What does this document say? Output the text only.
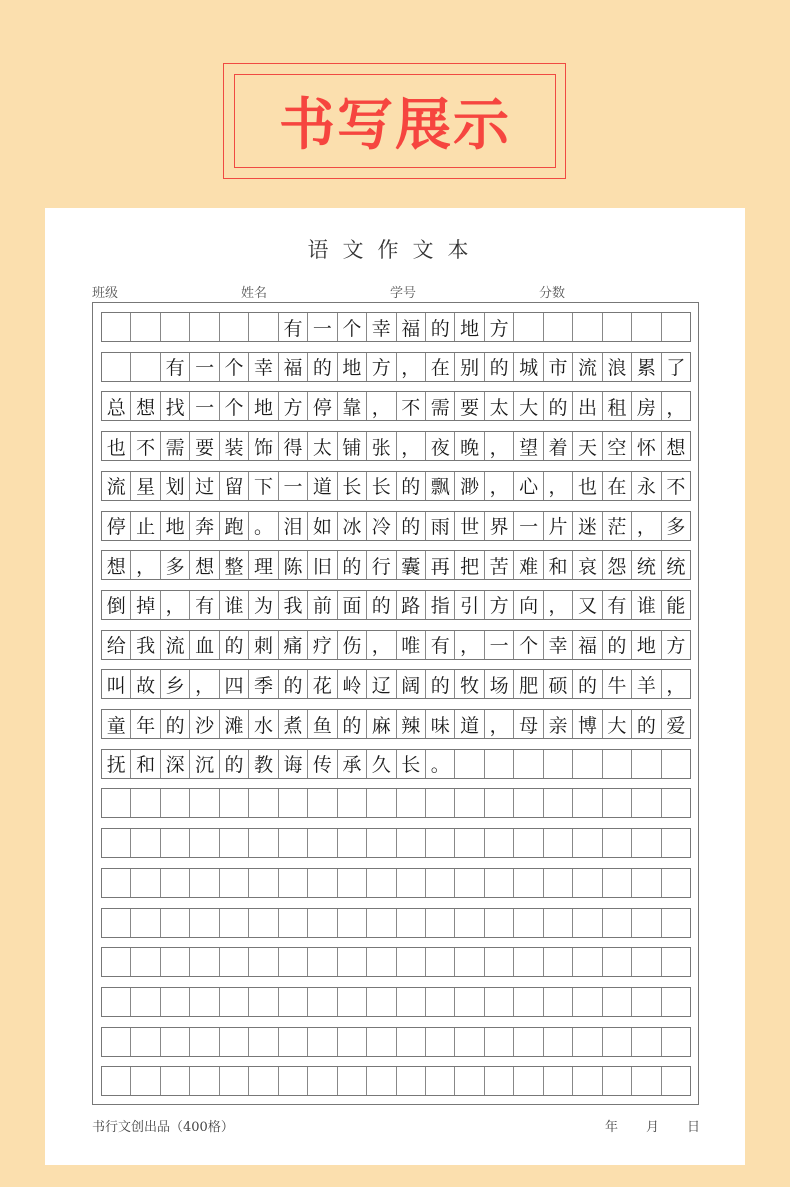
书写展示
语文作文本
班级	姓名	学号	分数

有 一 个 幸 福 的 地 方

有 一 个 幸 福 的 地 方 ， 在 别 的 城 市 流 浪 累 了
总 想 找 一 个 地 方 停 靠 ， 不 需 要 太 大 的 出 租 房 ，
也 不 需 要 装 饰 得 太 铺 张 ， 夜 晚 ， 望 着 天 空 怀 想
流 星 划 过 留 下 一 道 长 长 的 飘 渺 ， 心 ， 也 在 永 不
停 止 地 奔 跑 。 泪 如 冰 冷 的 雨 世 界 一 片 迷 茫 ， 多
想 ， 多 想 整 理 陈 旧 的 行 囊 再 把 苦 难 和 哀 怨 统 统
倒 掉 ， 有 谁 为 我 前 面 的 路 指 引 方 向 ， 又 有 谁 能
给 我 流 血 的 刺 痛 疗 伤 ， 唯 有 ， 一 个 幸 福 的 地 方
叫 故 乡 ， 四 季 的 花 岭 辽 阔 的 牧 场 肥 硕 的 牛 羊 ，
童 年 的 沙 滩 水 煮 鱼 的 麻 辣 味 道 ， 母 亲 博 大 的 爱
抚 和 深 沉 的 教 诲 传 承 久 长 。

书行文创出品（400格）	年 月 日
